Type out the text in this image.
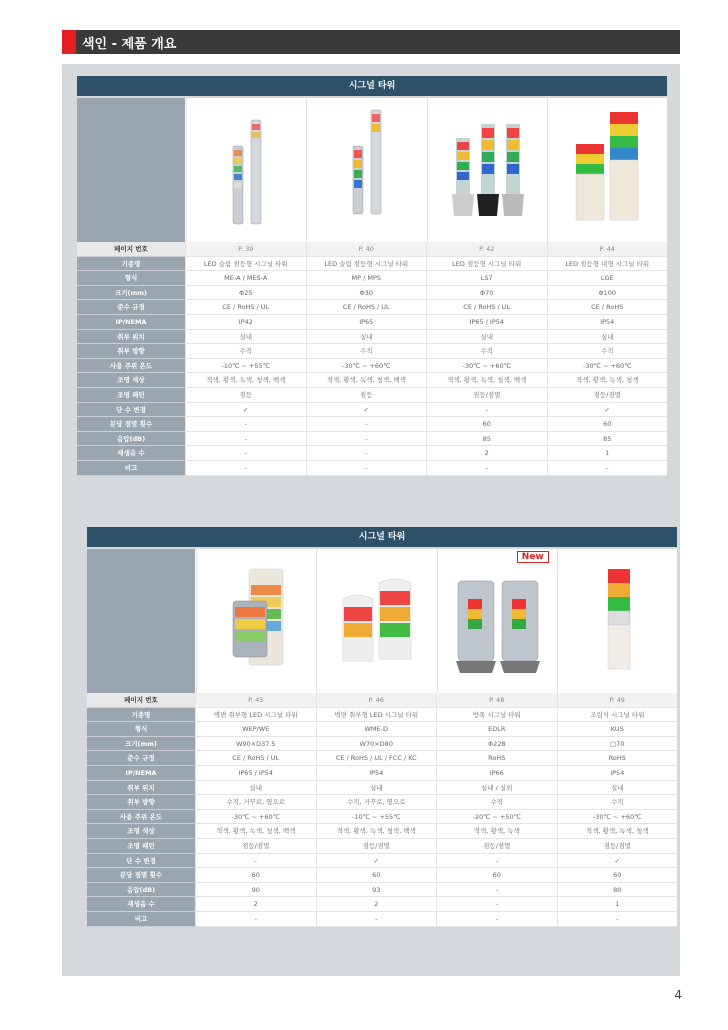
색인 - 제품 개요
시그널 타워
페이지 번호	P. 39	P. 40	P. 42	P. 44
기종명	LED 슬림 점등형 시그널 타워	LED 슬림 점등형 시그널 타워	LED 점등형 시그널 타워	LED 점등형 대형 시그널 타워
형식	ME-A / MES-A	MP / MPS	LS7	LGE
크기(mm)	Φ25	Φ30	Φ70	Φ100
준수 규정	CE / RoHS / UL	CE / RoHS / UL	CE / RoHS / UL	CE / RoHS
IP/NEMA	IP42	IP65	IP65 / IP54	IP54
취부 위치	실내	실내	실내	실내
취부 방향	수직	수직	수직	수직
사용 주위 온도	-10℃ ~ +55℃	-30℃ ~ +60℃	-30℃ ~ +60℃	-30℃ ~ +60℃
조명 색상	적색, 황색, 녹색, 청색, 백색	적색, 황색, 녹색, 청색, 백색	적색, 황색, 녹색, 청색, 백색	적색, 황색, 녹색, 청색
조명 패턴	점등	점등	점등/점멸	점등/점멸
단 수 변경	✓	✓	-	✓
분당 점멸 횟수	-	-	60	60
음압(dB)	-	-	85	85
재생음 수	-	-	2	1
비고	-	-	-	-
시그널 타워
New
페이지 번호	P. 45	P. 46	P. 48	P. 49
기종명	벽면 취부형 LED 시그널 타워	벽면 취부형 LED 시그널 타워	방폭 시그널 타워	조립식 시그널 타워
형식	WEP/WE	WME-D	EDLR	KUS
크기(mm)	W90×D37.5	W70×D80	Φ228	□70
준수 규정	CE / RoHS / UL	CE / RoHS / UL / FCC / KC	RoHS	RoHS
IP/NEMA	IP65 / IP54	IP54	IP66	IP54
취부 위치	실내	실내	실내 / 실외	실내
취부 방향	수직, 거꾸로, 옆으로	수직, 거꾸로, 옆으로	수직	수직
사용 주위 온도	-30℃ ~ +60℃	-10℃ ~ +55℃	-20℃ ~ +50℃	-30℃ ~ +60℃
조명 색상	적색, 황색, 녹색, 청색, 백색	적색, 황색, 녹색, 청색, 백색	적색, 황색, 녹색	적색, 황색, 녹색, 청색
조명 패턴	점등/점멸	점등/점멸	점등/점멸	점등/점멸
단 수 변경	-	✓	-	✓
분당 점멸 횟수	60	60	60	60
음압(dB)	90	93	-	80
재생음 수	2	2	-	1
비고	-	-	-	-
4
